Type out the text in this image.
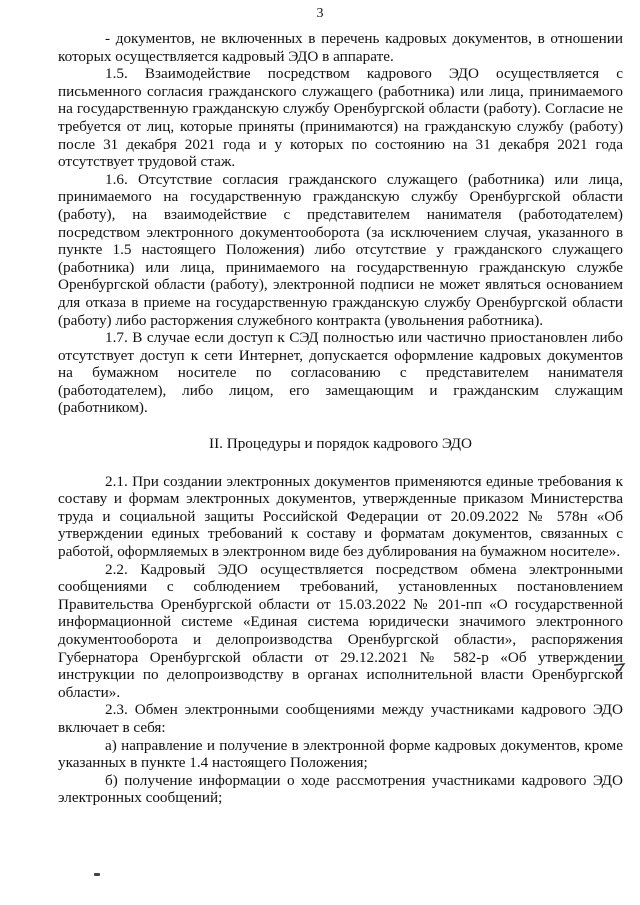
3

- документов, не включенных в перечень кадровых документов, в отношении которых осуществляется кадровый ЭДО в аппарате.

1.5. Взаимодействие посредством кадрового ЭДО осуществляется с письменного согласия гражданского служащего (работника) или лица, принимаемого на государственную гражданскую службу Оренбургской области (работу). Согласие не требуется от лиц, которые приняты (принимаются) на гражданскую службу (работу) после 31 декабря 2021 года и у которых по состоянию на 31 декабря 2021 года отсутствует трудовой стаж.

1.6. Отсутствие согласия гражданского служащего (работника) или лица, принимаемого на государственную гражданскую службу Оренбургской области (работу), на взаимодействие с представителем нанимателя (работодателем) посредством электронного документооборота (за исключением случая, указанного в пункте 1.5 настоящего Положения) либо отсутствие у гражданского служащего (работника) или лица, принимаемого на государственную гражданскую службе Оренбургской области (работу), электронной подписи не может являться основанием для отказа в приеме на государственную гражданскую службу Оренбургской области (работу) либо расторжения служебного контракта (увольнения работника).

1.7. В случае если доступ к СЭД полностью или частично приостановлен либо отсутствует доступ к сети Интернет, допускается оформление кадровых документов на бумажном носителе по согласованию с представителем нанимателя (работодателем), либо лицом, его замещающим и гражданским служащим (работником).

II. Процедуры и порядок кадрового ЭДО

2.1. При создании электронных документов применяются единые требования к составу и формам электронных документов, утвержденные приказом Министерства труда и социальной защиты Российской Федерации от 20.09.2022 № 578н «Об утверждении единых требований к составу и форматам документов, связанных с работой, оформляемых в электронном виде без дублирования на бумажном носителе».

2.2. Кадровый ЭДО осуществляется посредством обмена электронными сообщениями с соблюдением требований, установленных постановлением Правительства Оренбургской области от 15.03.2022 № 201-пп «О государственной информационной системе «Единая система юридически значимого электронного документооборота и делопроизводства Оренбургской области», распоряжения Губернатора Оренбургской области от 29.12.2021 № 582-р «Об утверждении инструкции по делопроизводству в органах исполнительной власти Оренбургской области».

2.3. Обмен электронными сообщениями между участниками кадрового ЭДО включает в себя:

а) направление и получение в электронной форме кадровых документов, кроме указанных в пункте 1.4 настоящего Положения;

б) получение информации о ходе рассмотрения участниками кадрового ЭДО электронных сообщений;
